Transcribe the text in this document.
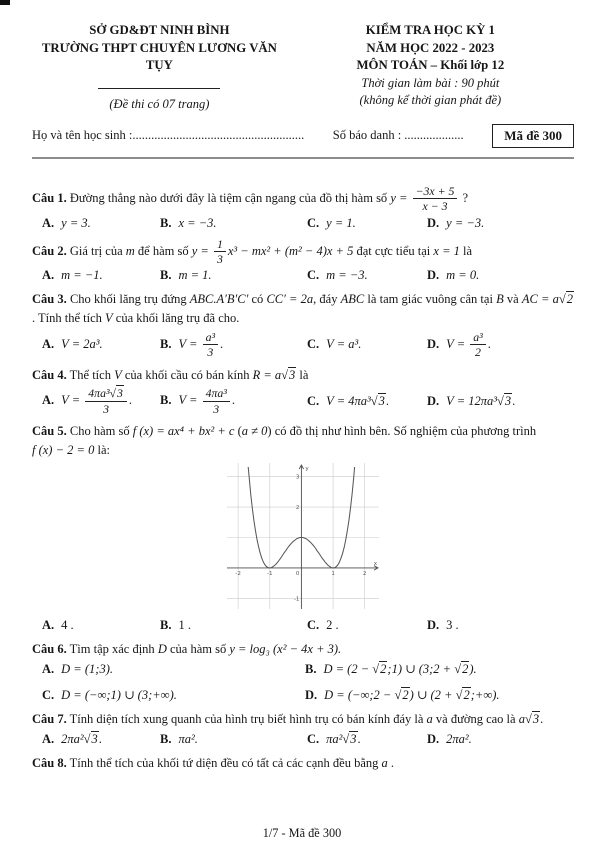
SỞ GD&ĐT NINH BÌNH
TRƯỜNG THPT CHUYÊN LƯƠNG VĂN TỤY
(Đề thi có 07 trang)
KIỂM TRA HỌC KỲ 1
NĂM HỌC 2022 - 2023
MÔN TOÁN – Khối lớp 12
Thời gian làm bài : 90 phút
(không kể thời gian phát đề)
Họ và tên học sinh :....................................................... Số báo danh : ...................	Mã đề 300

Câu 1. Đường thẳng nào dưới đây là tiệm cận ngang của đồ thị hàm số $y = \frac{-3x + 5}{x - 3}$ ?

A. y = 3.	B. x = −3.	C. y = 1.	D. y = −3.

Câu 2. Giá trị của m để hàm số $y = \frac{1}{3} x^3 - mx^2 + (m^2 - 4)x + 5$ đạt cực tiểu tại x = 1 là

A. m = −1.	B. m = 1.	C. m = −3.	D. m = 0.

Câu 3. Cho khối lăng trụ đứng ABC.A′B′C′ có CC′ = 2a, đáy ABC là tam giác vuông cân tại B và AC = a√2 . Tính thể tích V của khối lăng trụ đã cho.

A. V = 2a³.	B. $V = \frac{\text{a³}}{3}$ .	C. V = a³.	D. $V = \frac{\text{a³}}{2}$ .

Câu 4. Thể tích V của khối cầu có bán kính R = a√3 là

A. $V = \frac{\text{4πa³√3}}{3}$ .	B. $V = \frac{\text{4πa³}}{3}$ .	C. V = 4πa³√3.	D. V = 12πa³√3.

Câu 5. Cho hàm số f (x) = ax⁴ + bx² + c (a ≠ 0) có đồ thị như hình bên. Số nghiệm của phương trình
f (x) − 2 = 0 là:

-2	-1	0	1	2
3
2
-1
y
x
A. 4 .	B. 1 .	C. 2 .	D. 3 .

Câu 6. Tìm tập xác định D của hàm số y = log₃ (x² − 4x + 3).

A. D = (1;3).	B. D = (2 − √2;1) ∪ (3;2 + √2).
C. D = (−∞;1) ∪ (3;+∞).	D. D = (−∞;2 − √2) ∪ (2 + √2;+∞).

Câu 7. Tính diện tích xung quanh của hình trụ biết hình trụ có bán kính đáy là a và đường cao là a√3.

A. 2πa²√3.	B. πa².	C. πa²√3.	D. 2πa².

Câu 8. Tính thể tích của khối tứ diện đều có tất cả các cạnh đều bằng a .

1/7 - Mã đề 300
